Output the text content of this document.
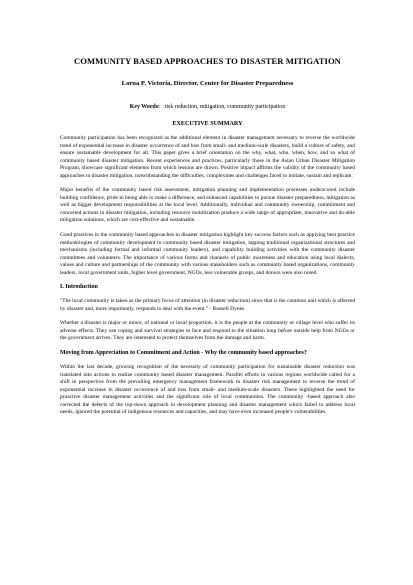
COMMUNITY BASED APPROACHES TO DISASTER MITIGATION
Lorna P. Victoria, Director, Center for Disaster Preparedness
Key Words: risk reduction, mitigation, community participation
EXECUTIVE SUMMARY

Community participation has been recognized as the additional element in disaster management necessary to reverse the worldwide trend of exponential increase in disaster occurrence of and loss from small- and medium-scale disasters, build a culture of safety, and ensure sustainable development for all. This paper gives a brief orientation on the why, what, who, when, how, and so what of community based disaster mitigation. Recent experiences and practices, particularly those in the Asian Urban Disaster Mitigation Program, showcase significant elements from which lessons are drawn. Positive impact affirms the validity of the community based approaches to disaster mitigation, notwithstanding the difficulties, complexities and challenges faced to initiate, sustain and replicate.

Major benefits of the community based risk assessment, mitigation planning and implementation processes underscored include building confidence, pride in being able to make a difference, and enhanced capabilities to pursue disaster preparedness, mitigation as well as bigger development responsibilities at the local level. Additionally, individual and community ownership, commitment and concerted actions in disaster mitigation, including resource mobilization produce a wide range of appropriate, innovative and do-able mitigation solutions, which are cost-effective and sustainable.

Good practices in the community based approaches to disaster mitigation highlight key success factors such as applying best practice methodologies of community development to community based disaster mitigation, tapping traditional organizational structures and mechanisms (including formal and informal community leaders), and capability building activities with the community disaster committees and volunteers. The importance of various forms and channels of public awareness and education using local dialects, values and culture and partnerships of the community with various stakeholders such as community based organizations, community leaders, local government units, higher level government, NGOs, less vulnerable groups, and donors were also noted.

I. Introduction

"The local community is taken as the primary focus of attention (in disaster reduction) since that is the common unit which is affected by disaster and, more importantly, responds to deal with the event." - Russell Dynes

Whether a disaster is major or minor, of national or local proportion, it is the people at the community or village level who suffer its adverse effects. They use coping and survival strategies to face and respond to the situation long before outside help from NGOs or the government arrives. They are interested to protect themselves from the damage and harm.

Moving from Appreciation to Commitment and Action - Why the community based approaches?

Within the last decade, growing recognition of the necessity of community participation for sustainable disaster reduction was translated into actions to realize community based disaster management. Parallel efforts in various regions worldwide called for a shift in perspective from the prevailing emergency management framework to disaster risk management to reverse the trend of exponential increase in disaster occurrence of and loss from small- and medium-scale disasters. These highlighted the need for proactive disaster management activities and the significant role of local communities. The community -based approach also corrected the defects of the top-down approach in development planning and disaster management which failed to address local needs, ignored the potential of indigenous resources and capacities, and may have even increased people's vulnerabilities.
